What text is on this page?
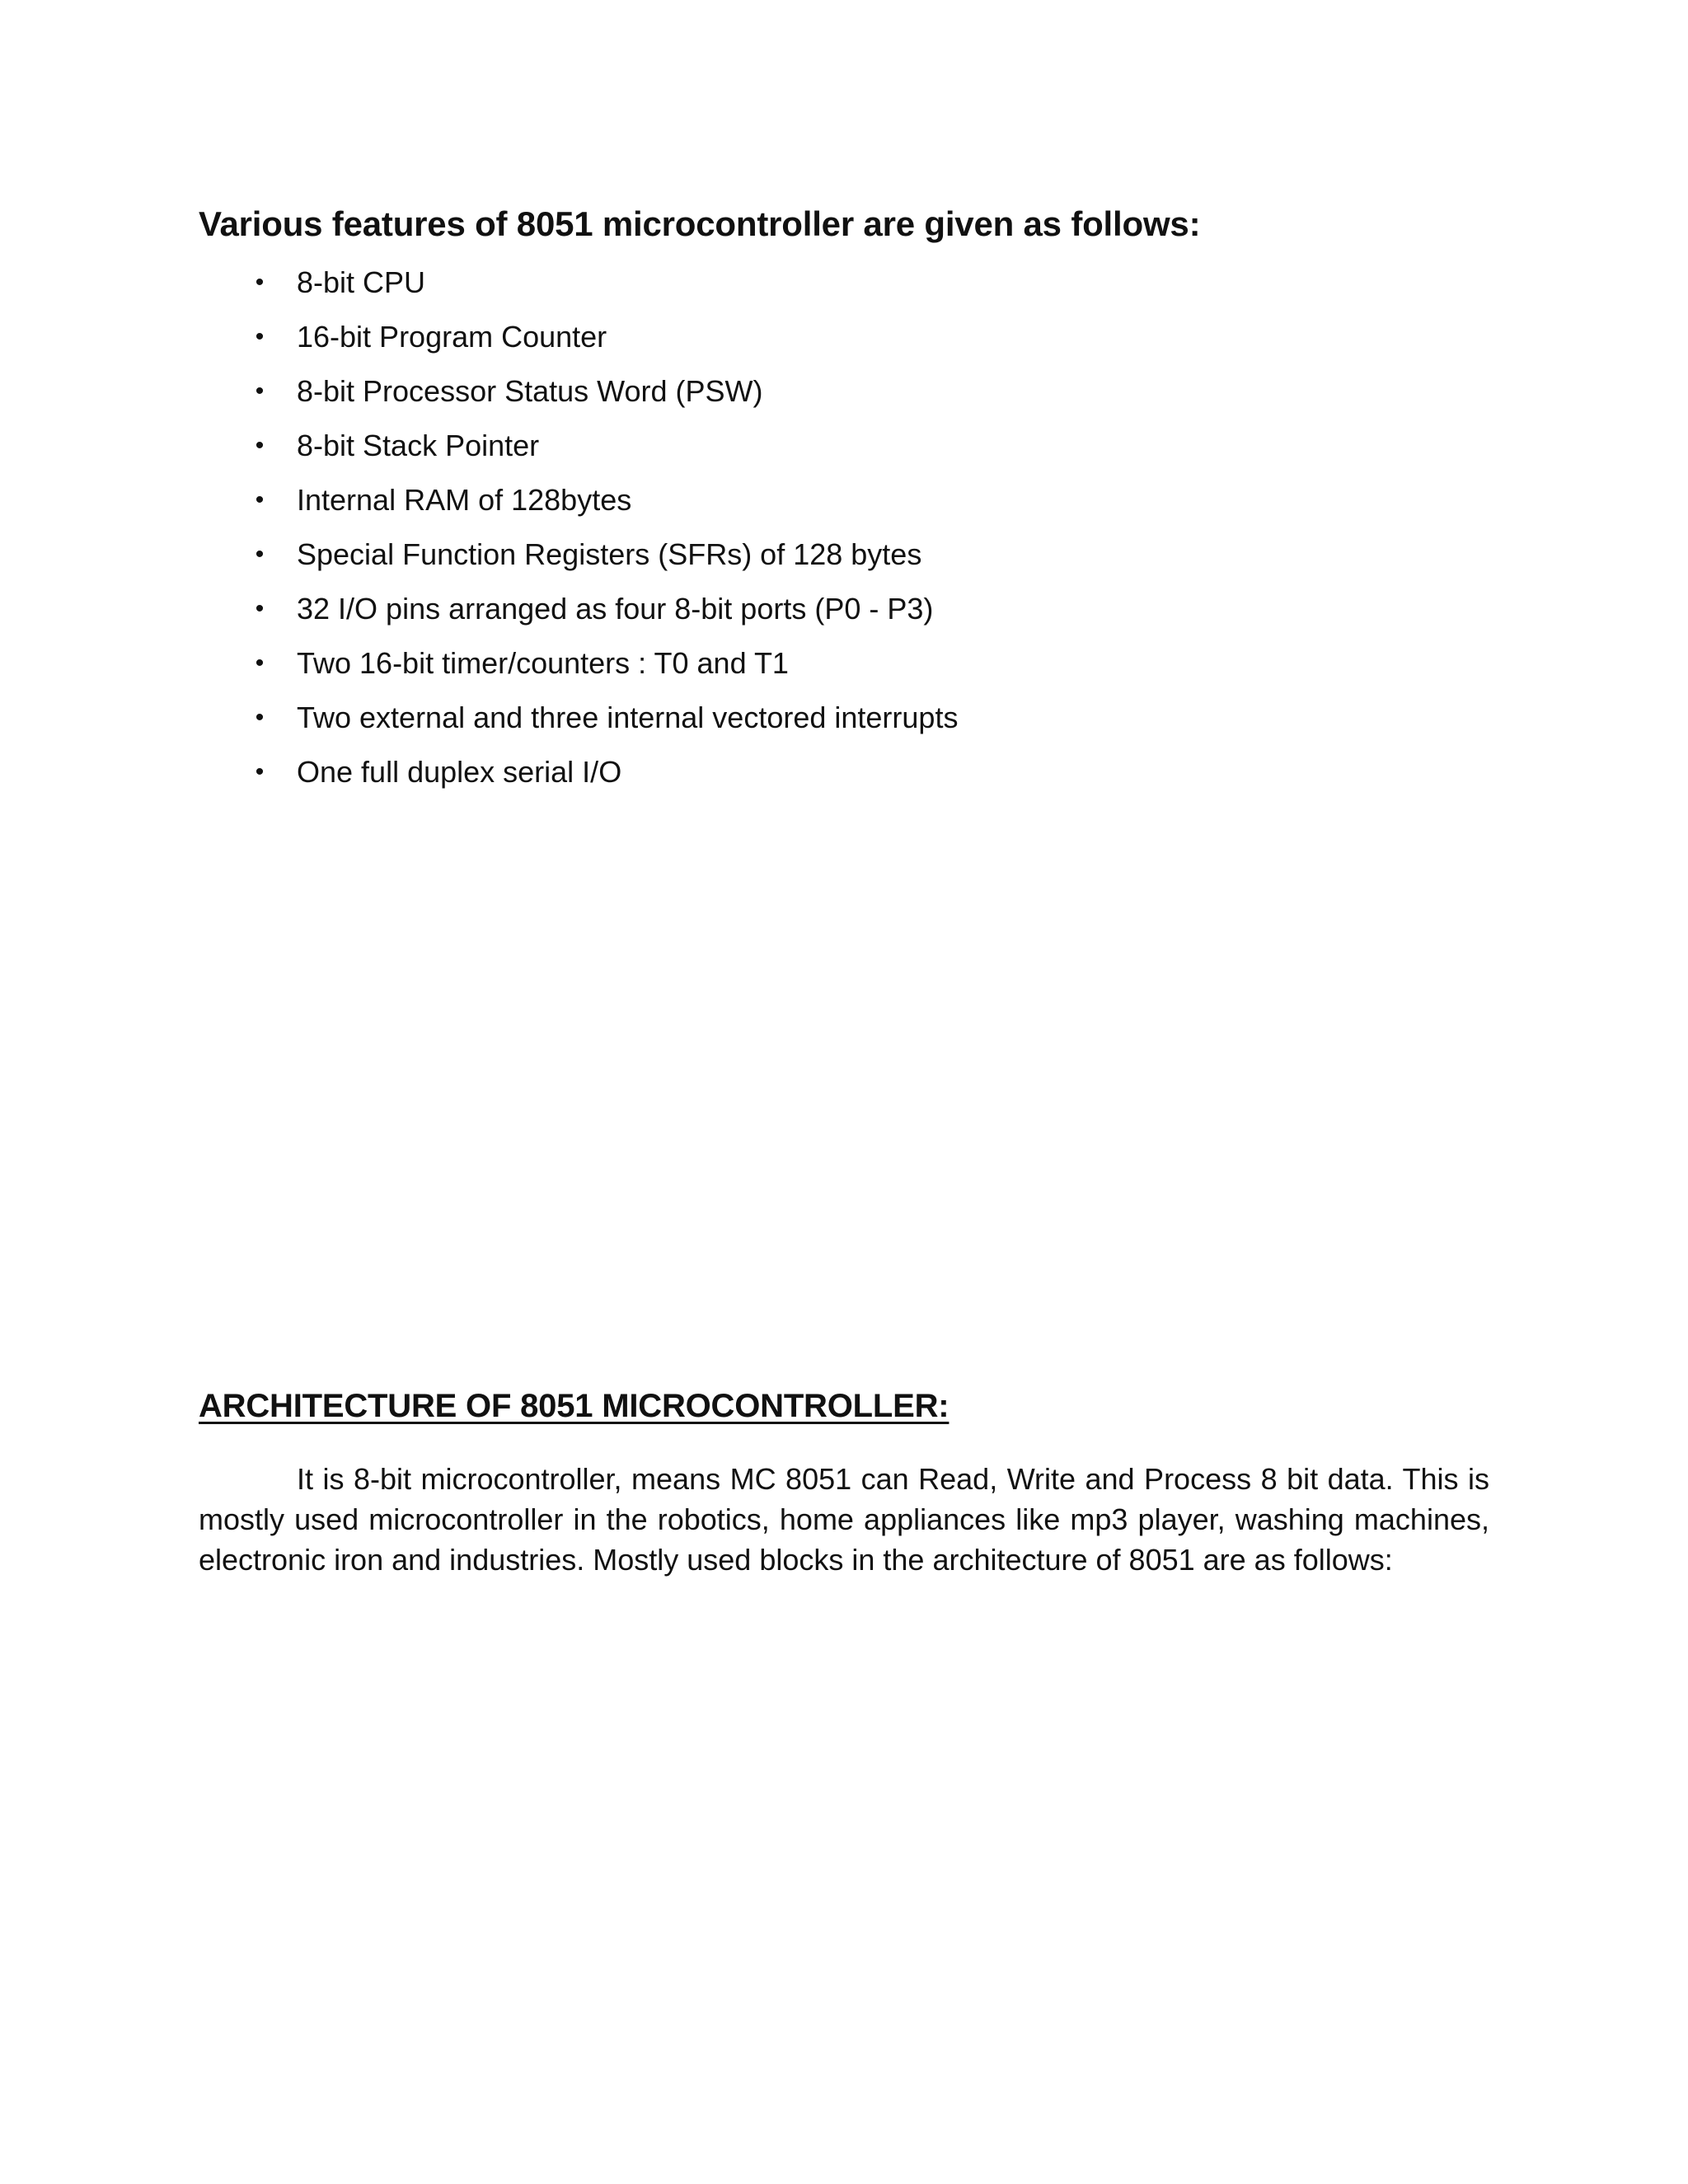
Various features of 8051 microcontroller are given as follows:
• 8-bit CPU
• 16-bit Program Counter
• 8-bit Processor Status Word (PSW)
• 8-bit Stack Pointer
• Internal RAM of 128bytes
• Special Function Registers (SFRs) of 128 bytes
• 32 I/O pins arranged as four 8-bit ports (P0 - P3)
• Two 16-bit timer/counters : T0 and T1
• Two external and three internal vectored interrupts
• One full duplex serial I/O
ARCHITECTURE OF 8051 MICROCONTROLLER:

It is 8-bit microcontroller, means MC 8051 can Read, Write and Process 8 bit data. This is mostly used microcontroller in the robotics, home appliances like mp3 player, washing machines, electronic iron and industries. Mostly used blocks in the architecture of 8051 are as follows:
